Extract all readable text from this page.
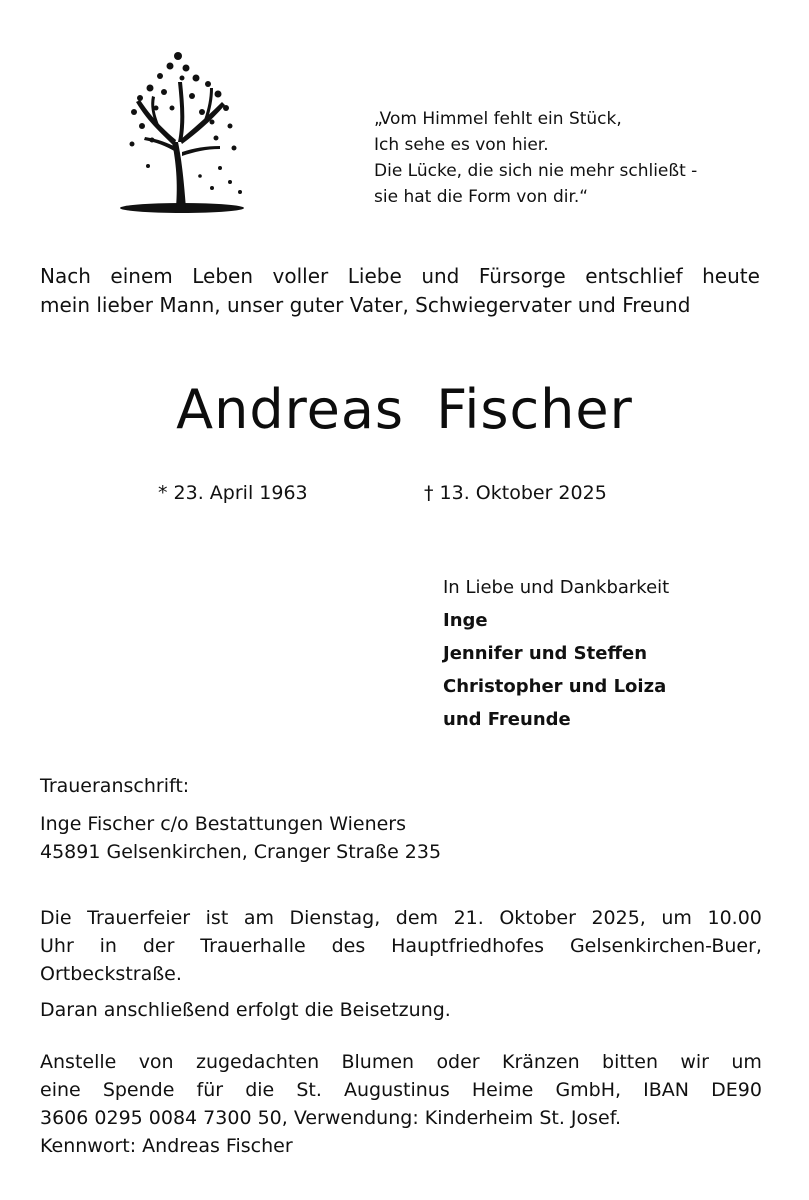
„Vom Himmel fehlt ein Stück,
Ich sehe es von hier.
Die Lücke, die sich nie mehr schließt -
sie hat die Form von dir.“
Nach einem Leben voller Liebe und Fürsorge entschlief heute
mein lieber Mann, unser guter Vater, Schwiegervater und Freund
Andreas Fischer
* 23. April 1963	† 13. Oktober 2025
In Liebe und Dankbarkeit
Inge
Jennifer und Steffen
Christopher und Loiza
und Freunde
Traueranschrift:
Inge Fischer c/o Bestattungen Wieners
45891 Gelsenkirchen, Cranger Straße 235
Die Trauerfeier ist am Dienstag, dem 21. Oktober 2025, um 10.00
Uhr in der Trauerhalle des Hauptfriedhofes Gelsenkirchen-Buer,
Ortbeckstraße.
Daran anschließend erfolgt die Beisetzung.
Anstelle von zugedachten Blumen oder Kränzen bitten wir um
eine Spende für die St. Augustinus Heime GmbH, IBAN DE90
3606 0295 0084 7300 50, Verwendung: Kinderheim St. Josef.
Kennwort: Andreas Fischer
